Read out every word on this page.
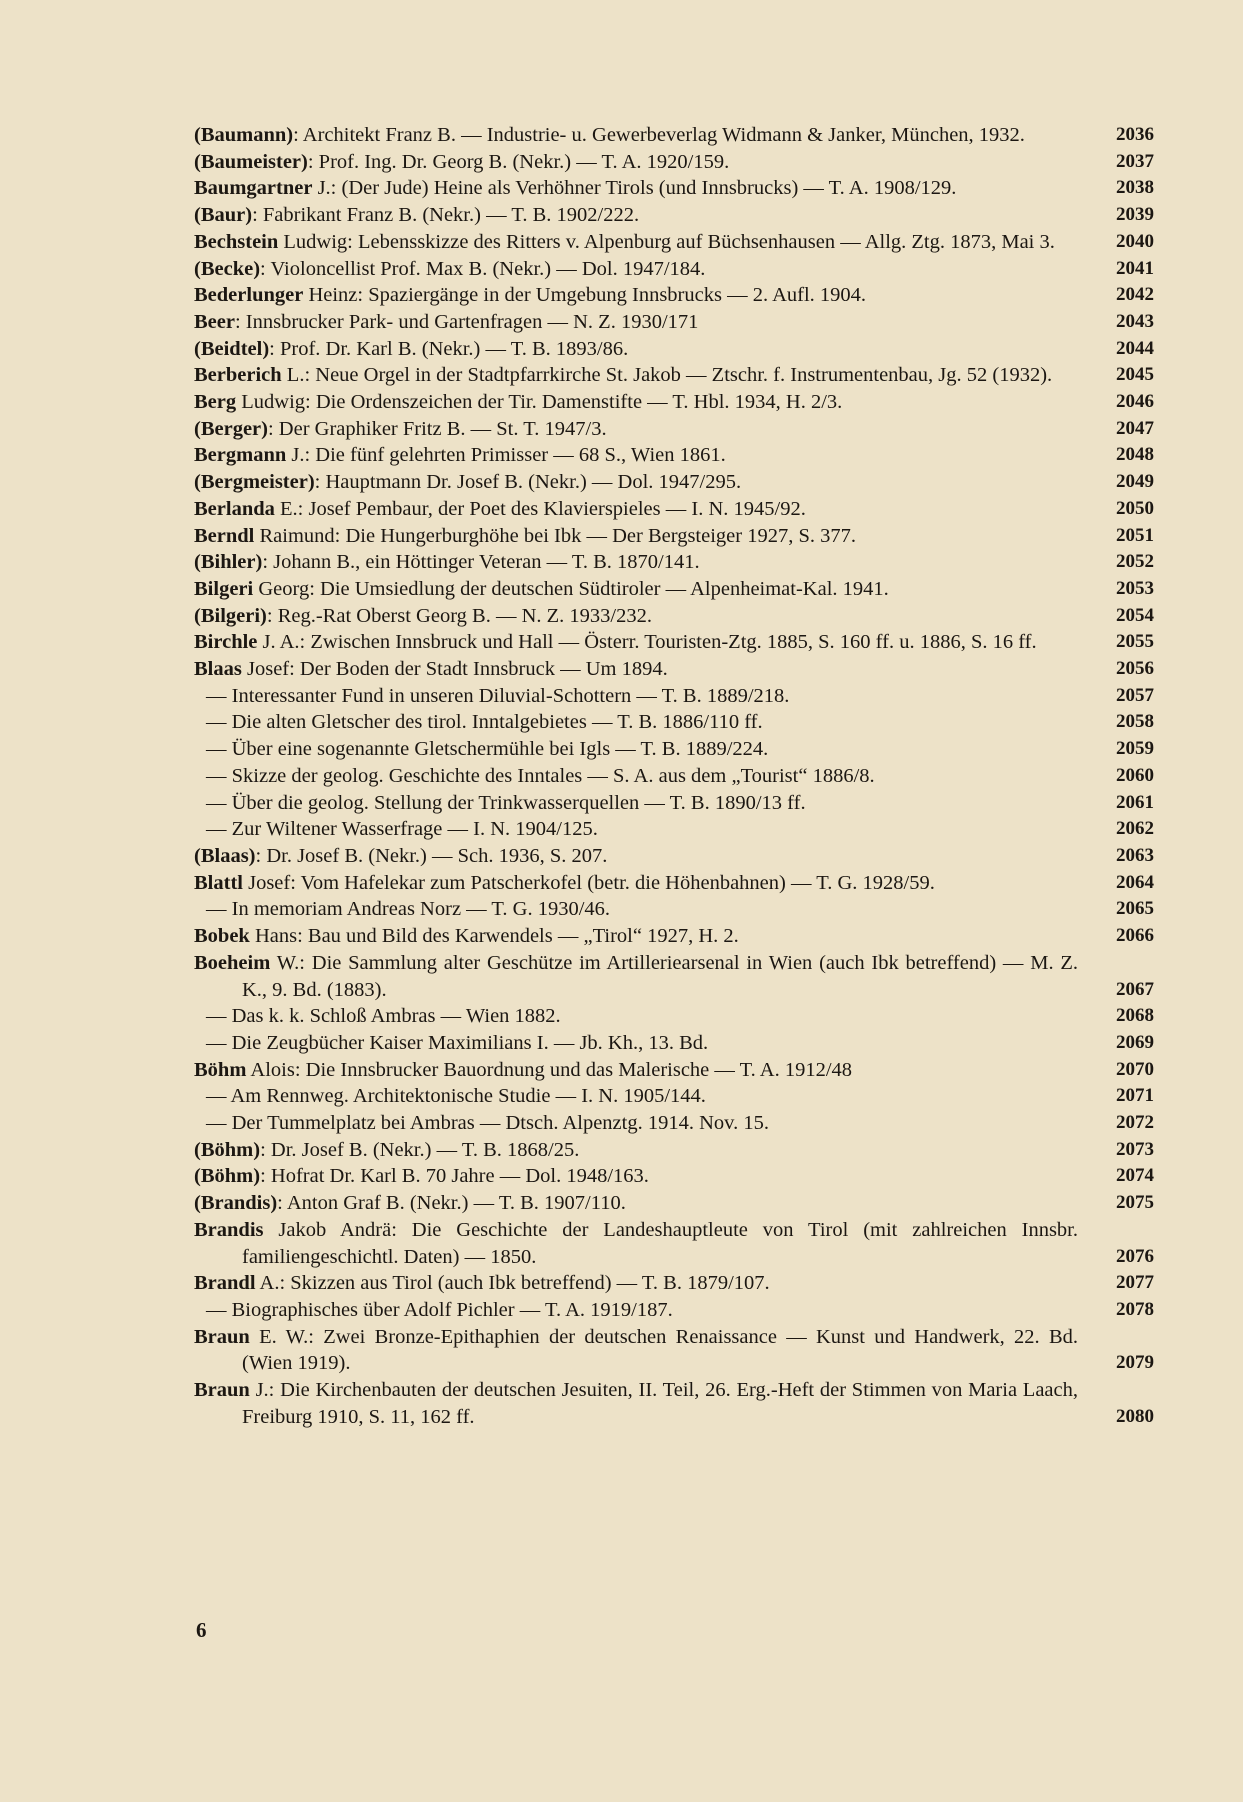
(Baumann): Architekt Franz B. — Industrie- u. Gewerbeverlag Widmann & Janker, München, 1932.	2036
(Baumeister): Prof. Ing. Dr. Georg B. (Nekr.) — T. A. 1920/159.	2037
Baumgartner J.: (Der Jude) Heine als Verhöhner Tirols (und Innsbrucks) — T. A. 1908/129.	2038
(Baur): Fabrikant Franz B. (Nekr.) — T. B. 1902/222.	2039
Bechstein Ludwig: Lebensskizze des Ritters v. Alpenburg auf Büchsenhausen — Allg. Ztg. 1873, Mai 3.	2040
(Becke): Violoncellist Prof. Max B. (Nekr.) — Dol. 1947/184.	2041
Bederlunger Heinz: Spaziergänge in der Umgebung Innsbrucks — 2. Aufl. 1904.	2042
Beer: Innsbrucker Park- und Gartenfragen — N. Z. 1930/171	2043
(Beidtel): Prof. Dr. Karl B. (Nekr.) — T. B. 1893/86.	2044
Berberich L.: Neue Orgel in der Stadtpfarrkirche St. Jakob — Ztschr. f. Instrumentenbau, Jg. 52 (1932).	2045
Berg Ludwig: Die Ordenszeichen der Tir. Damenstifte — T. Hbl. 1934, H. 2/3.	2046
(Berger): Der Graphiker Fritz B. — St. T. 1947/3.	2047
Bergmann J.: Die fünf gelehrten Primisser — 68 S., Wien 1861.	2048
(Bergmeister): Hauptmann Dr. Josef B. (Nekr.) — Dol. 1947/295.	2049
Berlanda E.: Josef Pembaur, der Poet des Klavierspieles — I. N. 1945/92.	2050
Berndl Raimund: Die Hungerburghöhe bei Ibk — Der Bergsteiger 1927, S. 377.	2051
(Bihler): Johann B., ein Höttinger Veteran — T. B. 1870/141.	2052
Bilgeri Georg: Die Umsiedlung der deutschen Südtiroler — Alpenheimat-Kal. 1941.	2053
(Bilgeri): Reg.-Rat Oberst Georg B. — N. Z. 1933/232.	2054
Birchle J. A.: Zwischen Innsbruck und Hall — Österr. Touristen-Ztg. 1885, S. 160 ff. u. 1886, S. 16 ff.	2055
Blaas Josef: Der Boden der Stadt Innsbruck — Um 1894.	2056
— Interessanter Fund in unseren Diluvial-Schottern — T. B. 1889/218.	2057
— Die alten Gletscher des tirol. Inntalgebietes — T. B. 1886/110 ff.	2058
— Über eine sogenannte Gletschermühle bei Igls — T. B. 1889/224.	2059
— Skizze der geolog. Geschichte des Inntales — S. A. aus dem „Tourist“ 1886/8.	2060
— Über die geolog. Stellung der Trinkwasserquellen — T. B. 1890/13 ff.	2061
— Zur Wiltener Wasserfrage — I. N. 1904/125.	2062
(Blaas): Dr. Josef B. (Nekr.) — Sch. 1936, S. 207.	2063
Blattl Josef: Vom Hafelekar zum Patscherkofel (betr. die Höhenbahnen) — T. G. 1928/59.	2064
— In memoriam Andreas Norz — T. G. 1930/46.	2065
Bobek Hans: Bau und Bild des Karwendels — „Tirol“ 1927, H. 2.	2066
Boeheim W.: Die Sammlung alter Geschütze im Artilleriearsenal in Wien (auch Ibk betreffend) — M. Z. K., 9. Bd. (1883).	2067
— Das k. k. Schloß Ambras — Wien 1882.	2068
— Die Zeugbücher Kaiser Maximilians I. — Jb. Kh., 13. Bd.	2069
Böhm Alois: Die Innsbrucker Bauordnung und das Malerische — T. A. 1912/48	2070
— Am Rennweg. Architektonische Studie — I. N. 1905/144.	2071
— Der Tummelplatz bei Ambras — Dtsch. Alpenztg. 1914. Nov. 15.	2072
(Böhm): Dr. Josef B. (Nekr.) — T. B. 1868/25.	2073
(Böhm): Hofrat Dr. Karl B. 70 Jahre — Dol. 1948/163.	2074
(Brandis): Anton Graf B. (Nekr.) — T. B. 1907/110.	2075
Brandis Jakob Andrä: Die Geschichte der Landeshauptleute von Tirol (mit zahlreichen Innsbr. familiengeschichtl. Daten) — 1850.	2076
Brandl A.: Skizzen aus Tirol (auch Ibk betreffend) — T. B. 1879/107.	2077
— Biographisches über Adolf Pichler — T. A. 1919/187.	2078
Braun E. W.: Zwei Bronze-Epithaphien der deutschen Renaissance — Kunst und Handwerk, 22. Bd. (Wien 1919).	2079
Braun J.: Die Kirchenbauten der deutschen Jesuiten, II. Teil, 26. Erg.-Heft der Stimmen von Maria Laach, Freiburg 1910, S. 11, 162 ff.	2080
6
